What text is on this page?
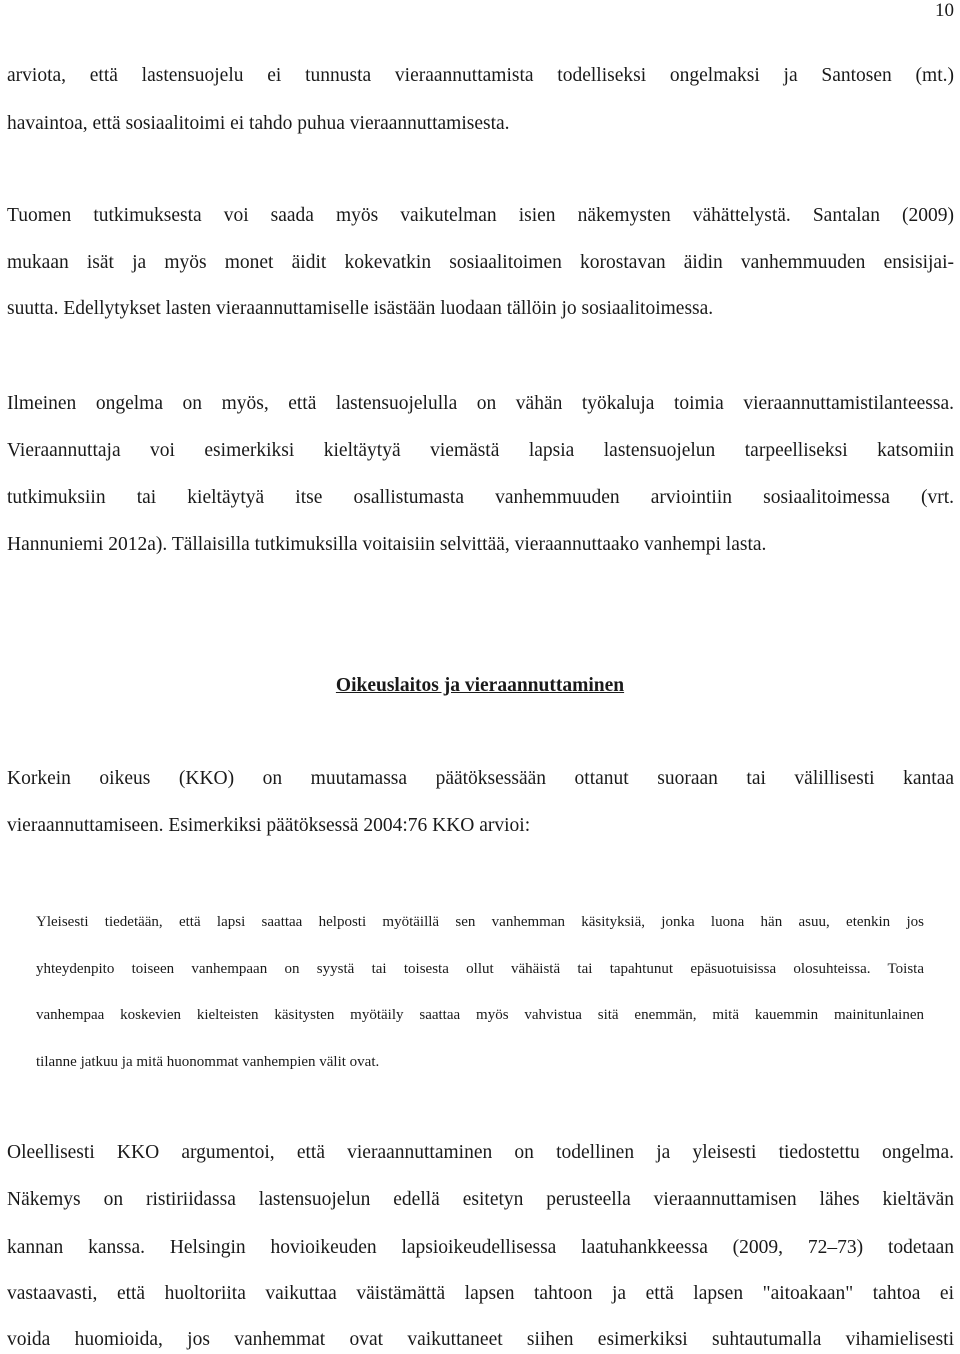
10
arviota, että lastensuojelu ei tunnusta vieraannuttamista todelliseksi ongelmaksi ja Santosen (mt.)
havaintoa, että sosiaalitoimi ei tahdo puhua vieraannuttamisesta.
Tuomen tutkimuksesta voi saada myös vaikutelman isien näkemysten vähättelystä. Santalan (2009)
mukaan isät ja myös monet äidit kokevatkin sosiaalitoimen korostavan äidin vanhemmuuden ensisijai-
suutta. Edellytykset lasten vieraannuttamiselle isästään luodaan tällöin jo sosiaalitoimessa.
Ilmeinen ongelma on myös, että lastensuojelulla on vähän työkaluja toimia vieraannuttamistilanteessa.
Vieraannuttaja voi esimerkiksi kieltäytyä viemästä lapsia lastensuojelun tarpeelliseksi katsomiin
tutkimuksiin tai kieltäytyä itse osallistumasta vanhemmuuden arviointiin sosiaalitoimessa (vrt.
Hannuniemi 2012a). Tällaisilla tutkimuksilla voitaisiin selvittää, vieraannuttaako vanhempi lasta.
Oikeuslaitos ja vieraannuttaminen
Korkein oikeus (KKO) on muutamassa päätöksessään ottanut suoraan tai välillisesti kantaa
vieraannuttamiseen. Esimerkiksi päätöksessä 2004:76 KKO arvioi:
Yleisesti tiedetään, että lapsi saattaa helposti myötäillä sen vanhemman käsityksiä, jonka luona hän asuu, etenkin jos
yhteydenpito toiseen vanhempaan on syystä tai toisesta ollut vähäistä tai tapahtunut epäsuotuisissa olosuhteissa. Toista
vanhempaa koskevien kielteisten käsitysten myötäily saattaa myös vahvistua sitä enemmän, mitä kauemmin mainitunlainen
tilanne jatkuu ja mitä huonommat vanhempien välit ovat.
Oleellisesti KKO argumentoi, että vieraannuttaminen on todellinen ja yleisesti tiedostettu ongelma.
Näkemys on ristiriidassa lastensuojelun edellä esitetyn perusteella vieraannuttamisen lähes kieltävän
kannan kanssa. Helsingin hovioikeuden lapsioikeudellisessa laatuhankkeessa (2009, 72–73) todetaan
vastaavasti, että huoltoriita vaikuttaa väistämättä lapsen tahtoon ja että lapsen "aitoakaan" tahtoa ei
voida huomioida, jos vanhemmat ovat vaikuttaneet siihen esimerkiksi suhtautumalla vihamielisesti
